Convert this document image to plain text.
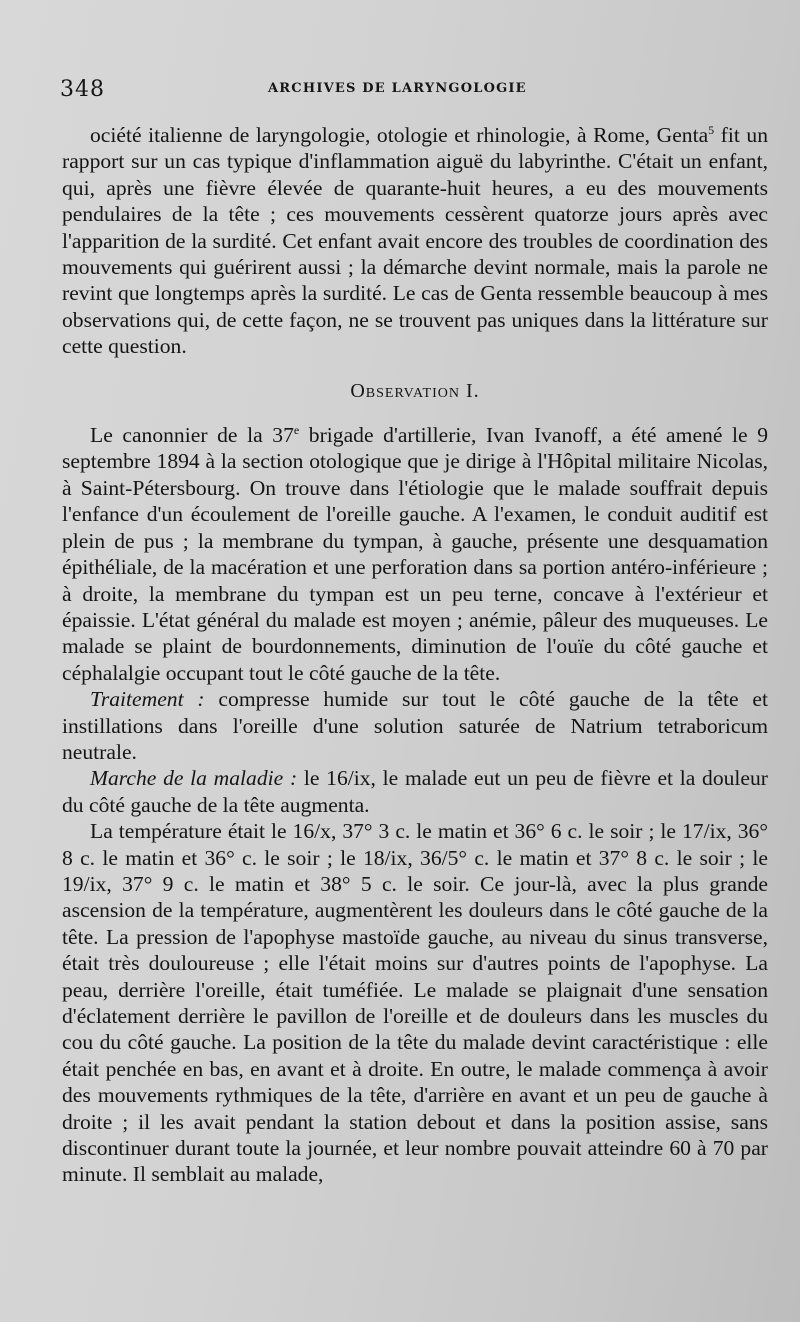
348	ARCHIVES DE LARYNGOLOGIE

ociété italienne de laryngologie, otologie et rhinologie, à Rome, Genta$^5$ fit un rapport sur un cas typique d'inflammation aiguë du labyrinthe. C'était un enfant, qui, après une fièvre élevée de quarante-huit heures, a eu des mouvements pendulaires de la tête ; ces mouvements cessèrent quatorze jours après avec l'apparition de la surdité. Cet enfant avait encore des troubles de coordination des mouvements qui guérirent aussi ; la démarche devint normale, mais la parole ne revint que longtemps après la surdité. Le cas de Genta ressemble beaucoup à mes observations qui, de cette façon, ne se trouvent pas uniques dans la littérature sur cette question.

Observation I.

Le canonnier de la 37e brigade d'artillerie, Ivan Ivanoff, a été amené le 9 septembre 1894 à la section otologique que je dirige à l'Hôpital militaire Nicolas, à Saint-Pétersbourg. On trouve dans l'étiologie que le malade souffrait depuis l'enfance d'un écoulement de l'oreille gauche. A l'examen, le conduit auditif est plein de pus ; la membrane du tympan, à gauche, présente une desquamation épithéliale, de la macération et une perforation dans sa portion antéro-inférieure ; à droite, la membrane du tympan est un peu terne, concave à l'extérieur et épaissie. L'état général du malade est moyen ; anémie, pâleur des muqueuses. Le malade se plaint de bourdonnements, diminution de l'ouïe du côté gauche et céphalalgie occupant tout le côté gauche de la tête.

Traitement : compresse humide sur tout le côté gauche de la tête et instillations dans l'oreille d'une solution saturée de Natrium tetraboricum neutrale.

Marche de la maladie : le 16/ix, le malade eut un peu de fièvre et la douleur du côté gauche de la tête augmenta.

La température était le 16/x, 37° 3 c. le matin et 36° 6 c. le soir ; le 17/ix, 36° 8 c. le matin et 36° c. le soir ; le 18/ix, 36/5° c. le matin et 37° 8 c. le soir ; le 19/ix, 37° 9 c. le matin et 38° 5 c. le soir. Ce jour-là, avec la plus grande ascension de la température, augmentèrent les douleurs dans le côté gauche de la tête. La pression de l'apophyse mastoïde gauche, au niveau du sinus transverse, était très douloureuse ; elle l'était moins sur d'autres points de l'apophyse. La peau, derrière l'oreille, était tuméfiée. Le malade se plaignait d'une sensation d'éclatement derrière le pavillon de l'oreille et de douleurs dans les muscles du cou du côté gauche. La position de la tête du malade devint caractéristique : elle était penchée en bas, en avant et à droite. En outre, le malade commença à avoir des mouvements rythmiques de la tête, d'arrière en avant et un peu de gauche à droite ; il les avait pendant la station debout et dans la position assise, sans discontinuer durant toute la journée, et leur nombre pouvait atteindre 60 à 70 par minute. Il semblait au malade,
